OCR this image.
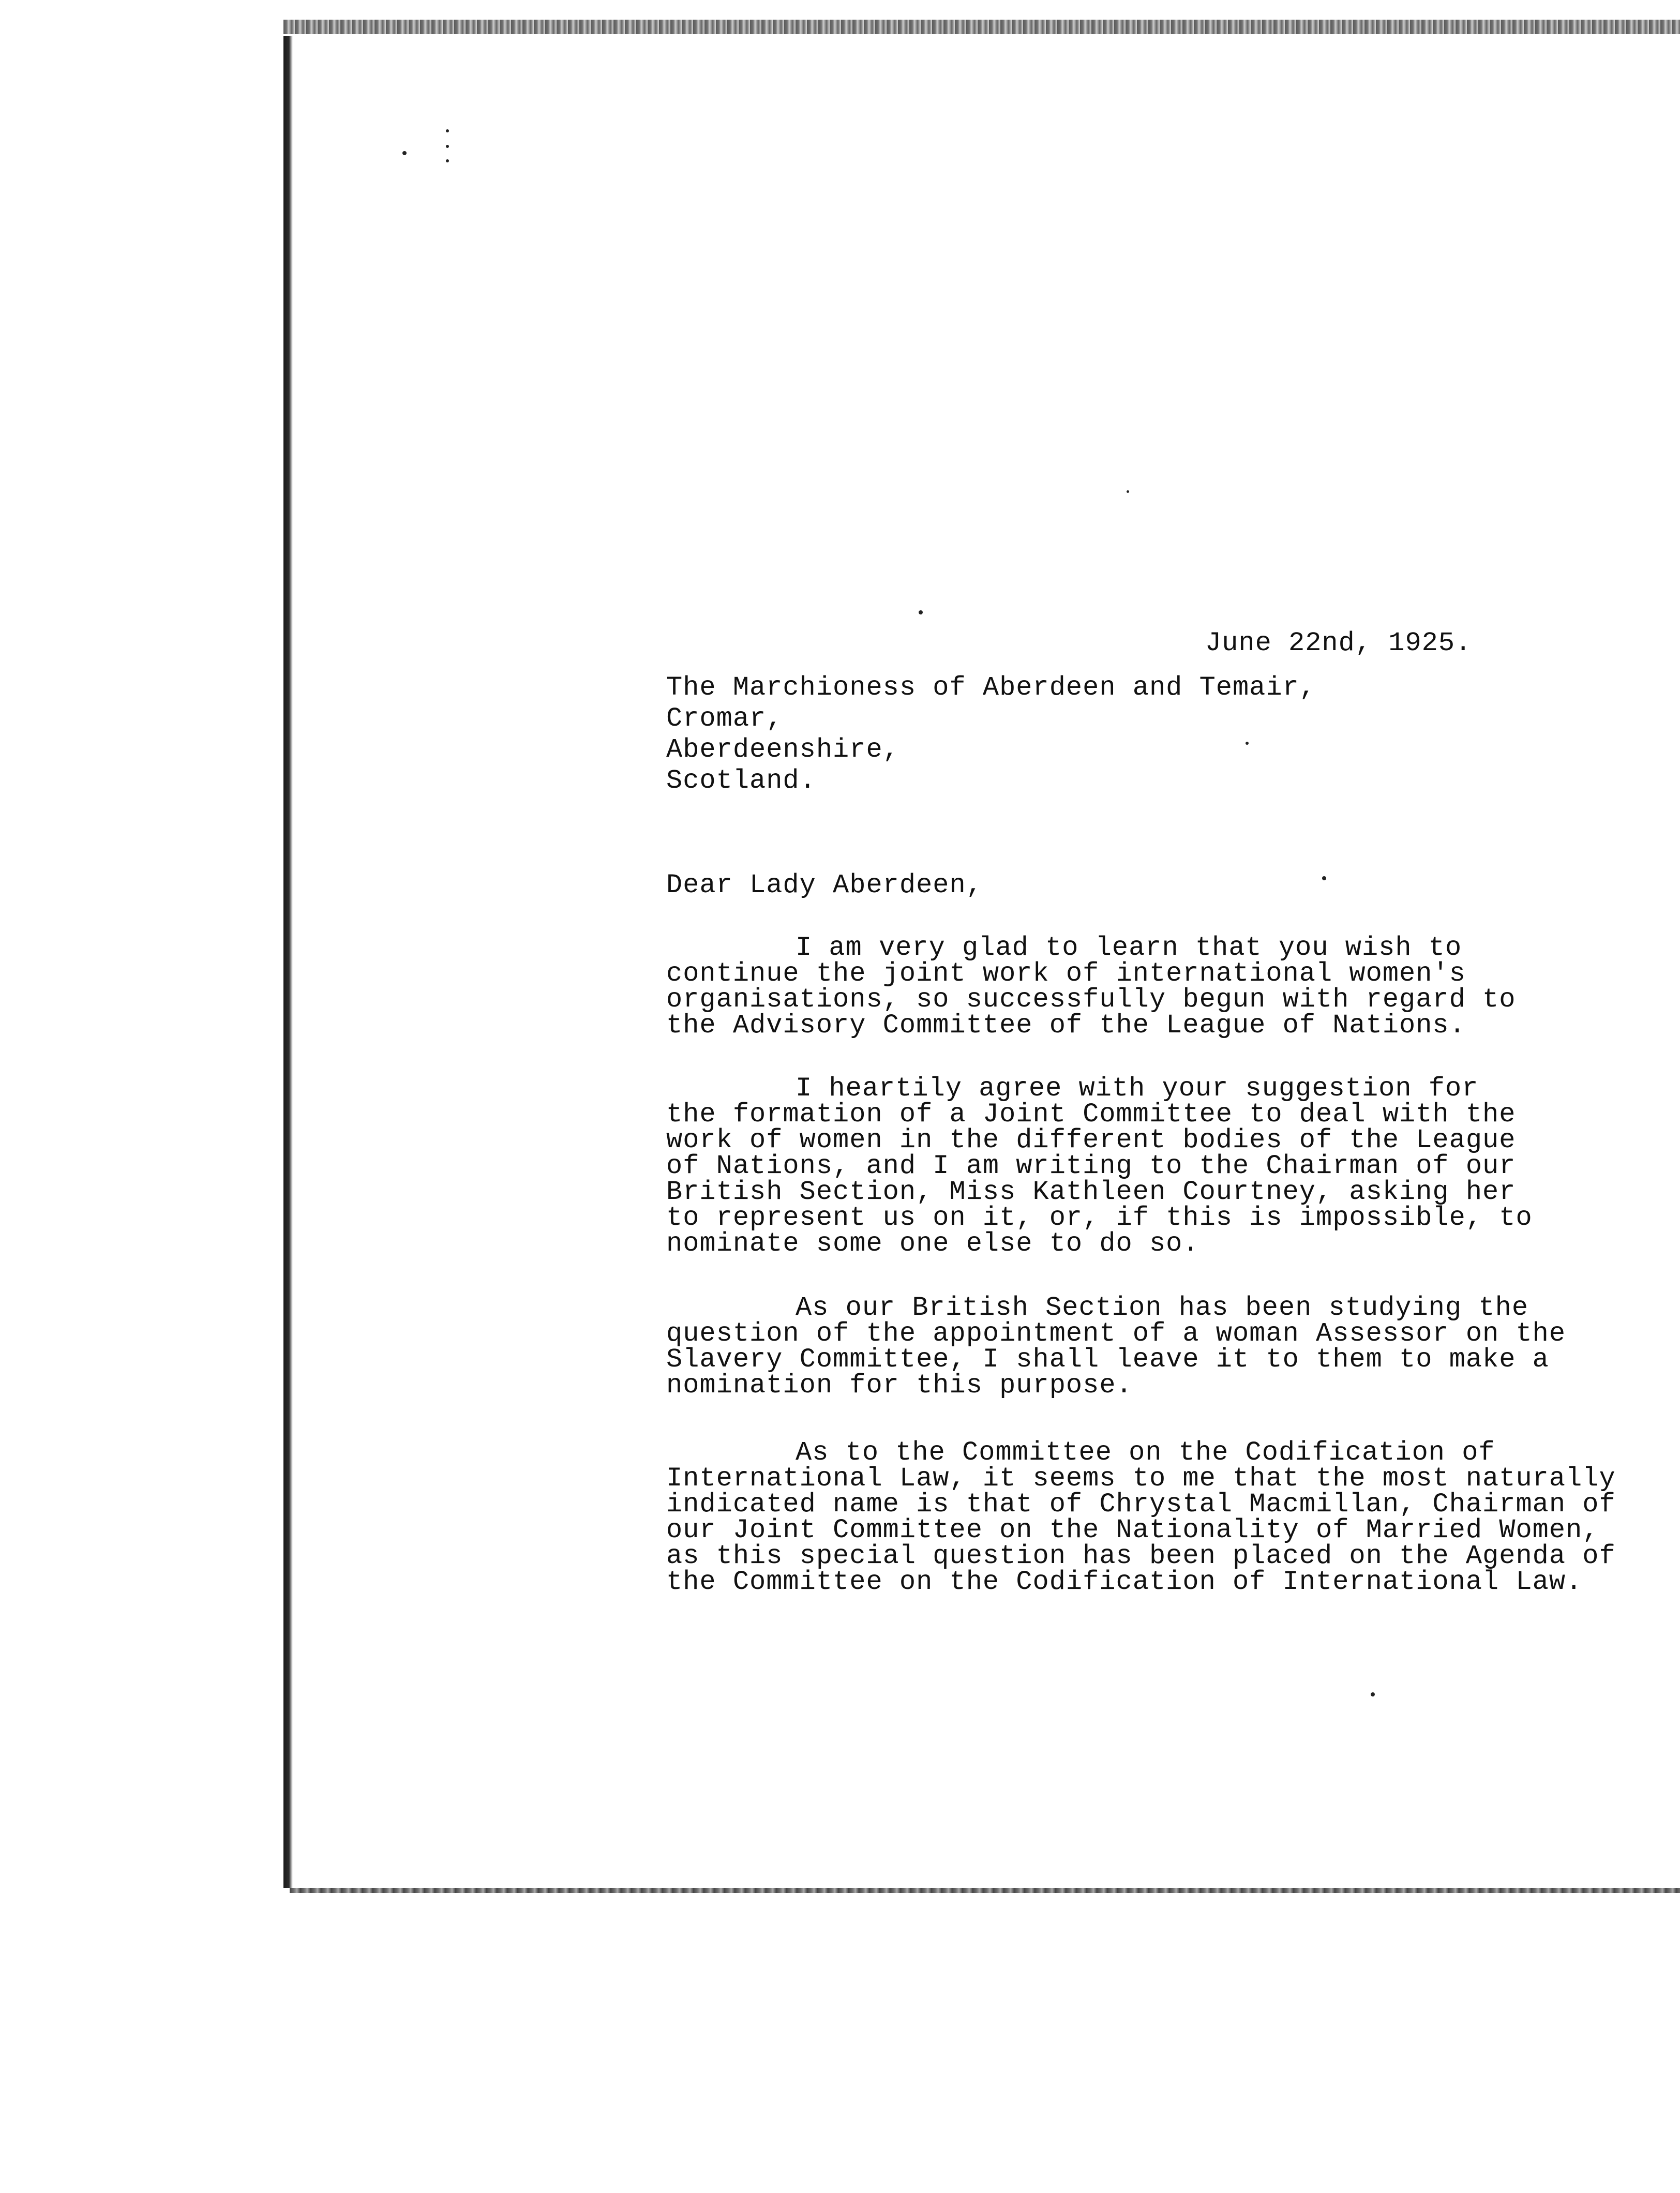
June 22nd, 1925.
The Marchioness of Aberdeen and Temair,
Cromar,
Aberdeenshire,
Scotland.
Dear Lady Aberdeen,
I am very glad to learn that you wish to
continue the joint work of international women's
organisations, so successfully begun with regard to
the Advisory Committee of the League of Nations.
I heartily agree with your suggestion for
the formation of a Joint Committee to deal with the
work of women in the different bodies of the League
of Nations, and I am writing to the Chairman of our
British Section, Miss Kathleen Courtney, asking her
to represent us on it, or, if this is impossible, to
nominate some one else to do so.
As our British Section has been studying the
question of the appointment of a woman Assessor on the
Slavery Committee, I shall leave it to them to make a
nomination for this purpose.
As to the Committee on the Codification of
International Law, it seems to me that the most naturally
indicated name is that of Chrystal Macmillan, Chairman of
our Joint Committee on the Nationality of Married Women,
as this special question has been placed on the Agenda of
the Committee on the Codification of International Law.
